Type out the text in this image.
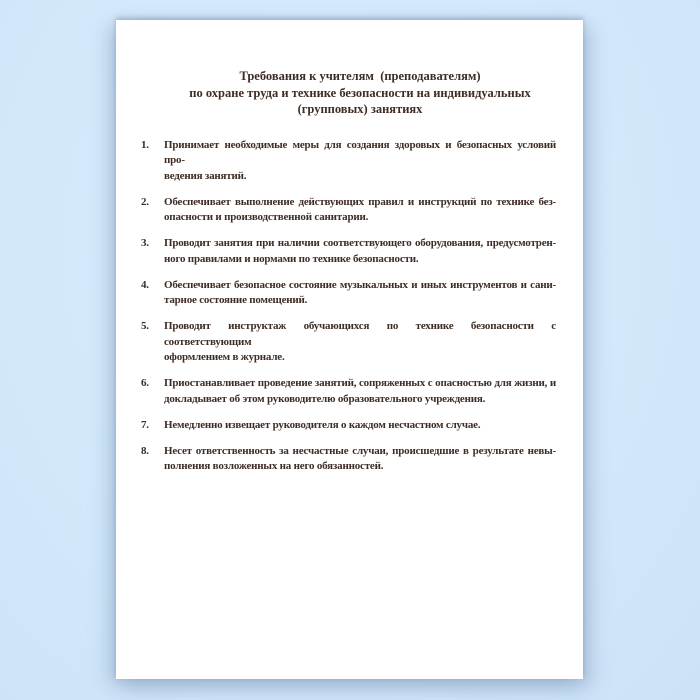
Требования к учителям  (преподавателям)
по охране труда и технике безопасности на индивидуальных
(групповых) занятиях
1.	Принимает необходимые меры для создания здоровых и безопасных условий про-
ведения занятий.
2.	Обеспечивает выполнение действующих правил и инструкций по технике без-
опасности и производственной санитарии.
3.	Проводит занятия при наличии соответствующего оборудования, предусмотрен-
ного правилами и нормами по технике безопасности.
4.	Обеспечивает безопасное состояние музыкальных и иных инструментов и сани-
тарное состояние помещений.
5.	Проводит инструктаж обучающихся по технике безопасности с соответствующим
оформлением в журнале.
6.	Приостанавливает проведение занятий, сопряженных с опасностью для жизни, и
докладывает об этом руководителю образовательного учреждения.
7.	Немедленно извещает руководителя о каждом несчастном случае.
8.	Несет ответственность за несчастные случаи, происшедшие в результате невы-
полнения возложенных на него обязанностей.
